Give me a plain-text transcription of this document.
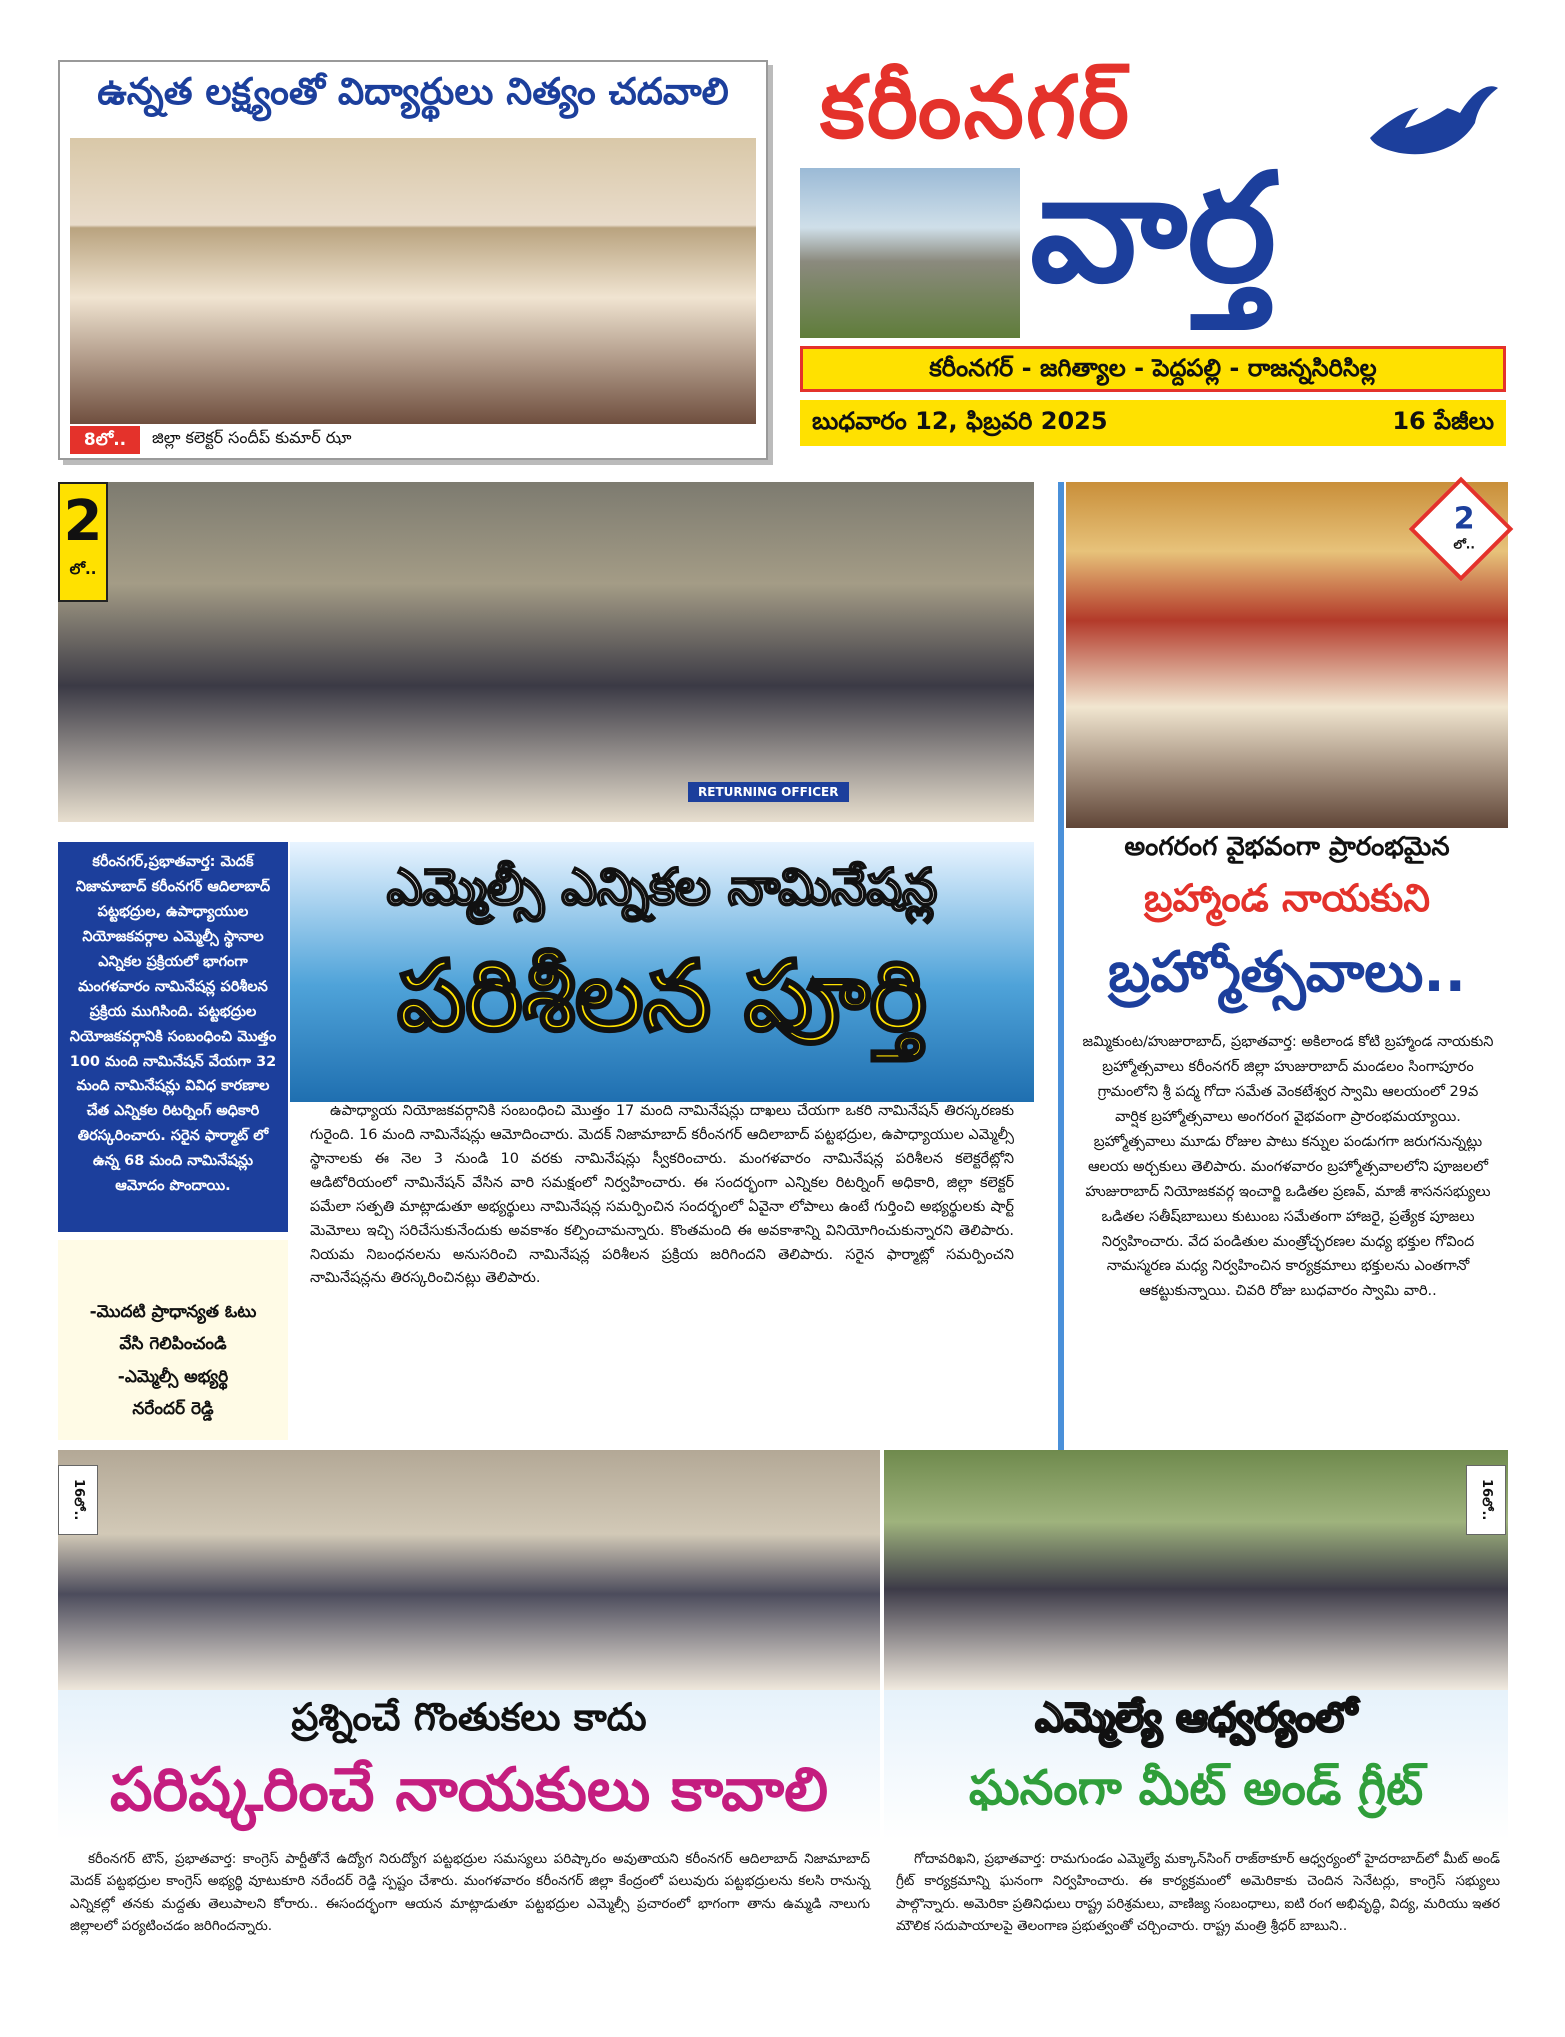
ఉన్నత లక్ష్యంతో విద్యార్థులు నిత్యం చదవాలి
8లో..	జిల్లా కలెక్టర్ సందీప్ కుమార్ ఝా
కరీంనగర్
వార్త
కరీంనగర్ - జగిత్యాల - పెద్దపల్లి - రాజన్నసిరిసిల్ల
బుధవారం 12, ఫిబ్రవరి 2025	16 పేజీలు
RETURNING OFFICER
2
లో..
కరీంనగర్,ప్రభాతవార్త: మెదక్ నిజామాబాద్ కరీంనగర్ ఆదిలాబాద్ పట్టభద్రుల, ఉపాధ్యాయుల నియోజకవర్గాల ఎమ్మెల్సీ స్థానాల ఎన్నికల ప్రక్రియలో భాగంగా మంగళవారం నామినేషన్ల పరిశీలన ప్రక్రియ ముగిసింది. పట్టభద్రుల నియోజకవర్గానికి సంబంధించి మొత్తం 100 మంది నామినేషన్ వేయగా 32 మంది నామినేషన్లు వివిధ కారణాల చేత ఎన్నికల రిటర్నింగ్ అధికారి తిరస్కరించారు. సరైన ఫార్మాట్ లో ఉన్న 68 మంది నామినేషన్లు ఆమోదం పొందాయి.
-మొదటి ప్రాధాన్యత ఓటు
వేసి గెలిపించండి
-ఎమ్మెల్సీ అభ్యర్థి
నరేందర్ రెడ్డి
ఎమ్మెల్సీ ఎన్నికల నామినేషన్ల
పరిశీలన పూర్తి
ఉపాధ్యాయ నియోజకవర్గానికి సంబంధించి మొత్తం 17 మంది నామినేషన్లు దాఖలు చేయగా ఒకరి నామినేషన్ తిరస్కరణకు గురైంది. 16 మంది నామినేషన్లు ఆమోదించారు. మెదక్ నిజామాబాద్ కరీంనగర్ ఆదిలాబాద్ పట్టభద్రుల, ఉపాధ్యాయుల ఎమ్మెల్సీ స్థానాలకు ఈ నెల 3 నుండి 10 వరకు నామినేషన్లు స్వీకరించారు. మంగళవారం నామినేషన్ల పరిశీలన కలెక్టరేట్లోని ఆడిటోరియంలో నామినేషన్ వేసిన వారి సమక్షంలో నిర్వహించారు. ఈ సందర్భంగా ఎన్నికల రిటర్నింగ్ అధికారి, జిల్లా కలెక్టర్ పమేలా సత్పతి మాట్లాడుతూ అభ్యర్థులు నామినేషన్ల సమర్పించిన సందర్భంలో ఏవైనా లోపాలు ఉంటే గుర్తించి అభ్యర్థులకు షార్ట్ మెమోలు ఇచ్చి సరిచేసుకునేందుకు అవకాశం కల్పించామన్నారు. కొంతమంది ఈ అవకాశాన్ని వినియోగించుకున్నారని తెలిపారు. నియమ నిబంధనలను అనుసరించి నామినేషన్ల పరిశీలన ప్రక్రియ జరిగిందని తెలిపారు. సరైన ఫార్మాట్లో సమర్పించని నామినేషన్లను తిరస్కరించినట్లు తెలిపారు.
2
లో..
అంగరంగ వైభవంగా ప్రారంభమైన
బ్రహ్మాండ నాయకుని
బ్రహ్మోత్సవాలు..
జమ్మికుంట/హుజురాబాద్, ప్రభాతవార్త: అకిలాండ కోటి బ్రహ్మాండ నాయకుని బ్రహ్మోత్సవాలు కరీంనగర్ జిల్లా హుజురాబాద్ మండలం సింగాపూరం గ్రామంలోని శ్రీ పద్మ గోదా సమేత వెంకటేశ్వర స్వామి ఆలయంలో 29వ వార్షిక బ్రహ్మోత్సవాలు అంగరంగ వైభవంగా ప్రారంభమయ్యాయి. బ్రహ్మోత్సవాలు మూడు రోజుల పాటు కన్నుల పండుగగా జరుగనున్నట్లు ఆలయ అర్చకులు తెలిపారు. మంగళవారం బ్రహ్మోత్సవాలలోని పూజలలో హుజురాబాద్ నియోజకవర్గ ఇంచార్జి ఒడితల ప్రణవ్, మాజీ శాసనసభ్యులు ఒడితల సతీష్‌బాబులు కుటుంబ సమేతంగా హాజరై, ప్రత్యేక పూజలు నిర్వహించారు. వేద పండితుల మంత్రోచ్ఛరణల మధ్య భక్తుల గోవింద నామస్మరణ మధ్య నిర్వహించిన కార్యక్రమాలు భక్తులను ఎంతగానో ఆకట్టుకున్నాయి. చివరి రోజు బుధవారం స్వామి వారి..
16లో..
ప్రశ్నించే గొంతుకలు కాదు
పరిష్కరించే నాయకులు కావాలి
కరీంనగర్ టౌన్, ప్రభాతవార్త: కాంగ్రెస్ పార్టీతోనే ఉద్యోగ నిరుద్యోగ పట్టభద్రుల సమస్యలు పరిష్కారం అవుతాయని కరీంనగర్ ఆదిలాబాద్ నిజామాబాద్ మెదక్ పట్టభద్రుల కాంగ్రెస్ అభ్యర్థి వూటుకూరి నరేందర్ రెడ్డి స్పష్టం చేశారు. మంగళవారం కరీంనగర్ జిల్లా కేంద్రంలో పలువురు పట్టభద్రులను కలసి రానున్న ఎన్నికల్లో తనకు మద్దతు తెలుపాలని కోరారు.. ఈసందర్భంగా ఆయన మాట్లాడుతూ పట్టభద్రుల ఎమ్మెల్సీ ప్రచారంలో భాగంగా తాను ఉమ్మడి నాలుగు జిల్లాలలో పర్యటించడం జరిగిందన్నారు.
16లో..
ఎమ్మెల్యే ఆధ్వర్యంలో
ఘనంగా మీట్ అండ్ గ్రీట్
గోదావరిఖని, ప్రభాతవార్త: రామగుండం ఎమ్మెల్యే మక్కాన్‌సింగ్ రాజ్‌ఠాకూర్ ఆధ్వర్యంలో హైదరాబాద్‌లో మీట్ అండ్ గ్రీట్ కార్యక్రమాన్ని ఘనంగా నిర్వహించారు. ఈ కార్యక్రమంలో అమెరికాకు చెందిన సెనేటర్లు, కాంగ్రెస్ సభ్యులు పాల్గొన్నారు. అమెరికా ప్రతినిధులు రాష్ట్ర పరిశ్రమలు, వాణిజ్య సంబంధాలు, ఐటి రంగ అభివృద్ధి, విద్య, మరియు ఇతర మౌలిక సదుపాయాలపై తెలంగాణ ప్రభుత్వంతో చర్చించారు. రాష్ట్ర మంత్రి శ్రీధర్ బాబుని..
